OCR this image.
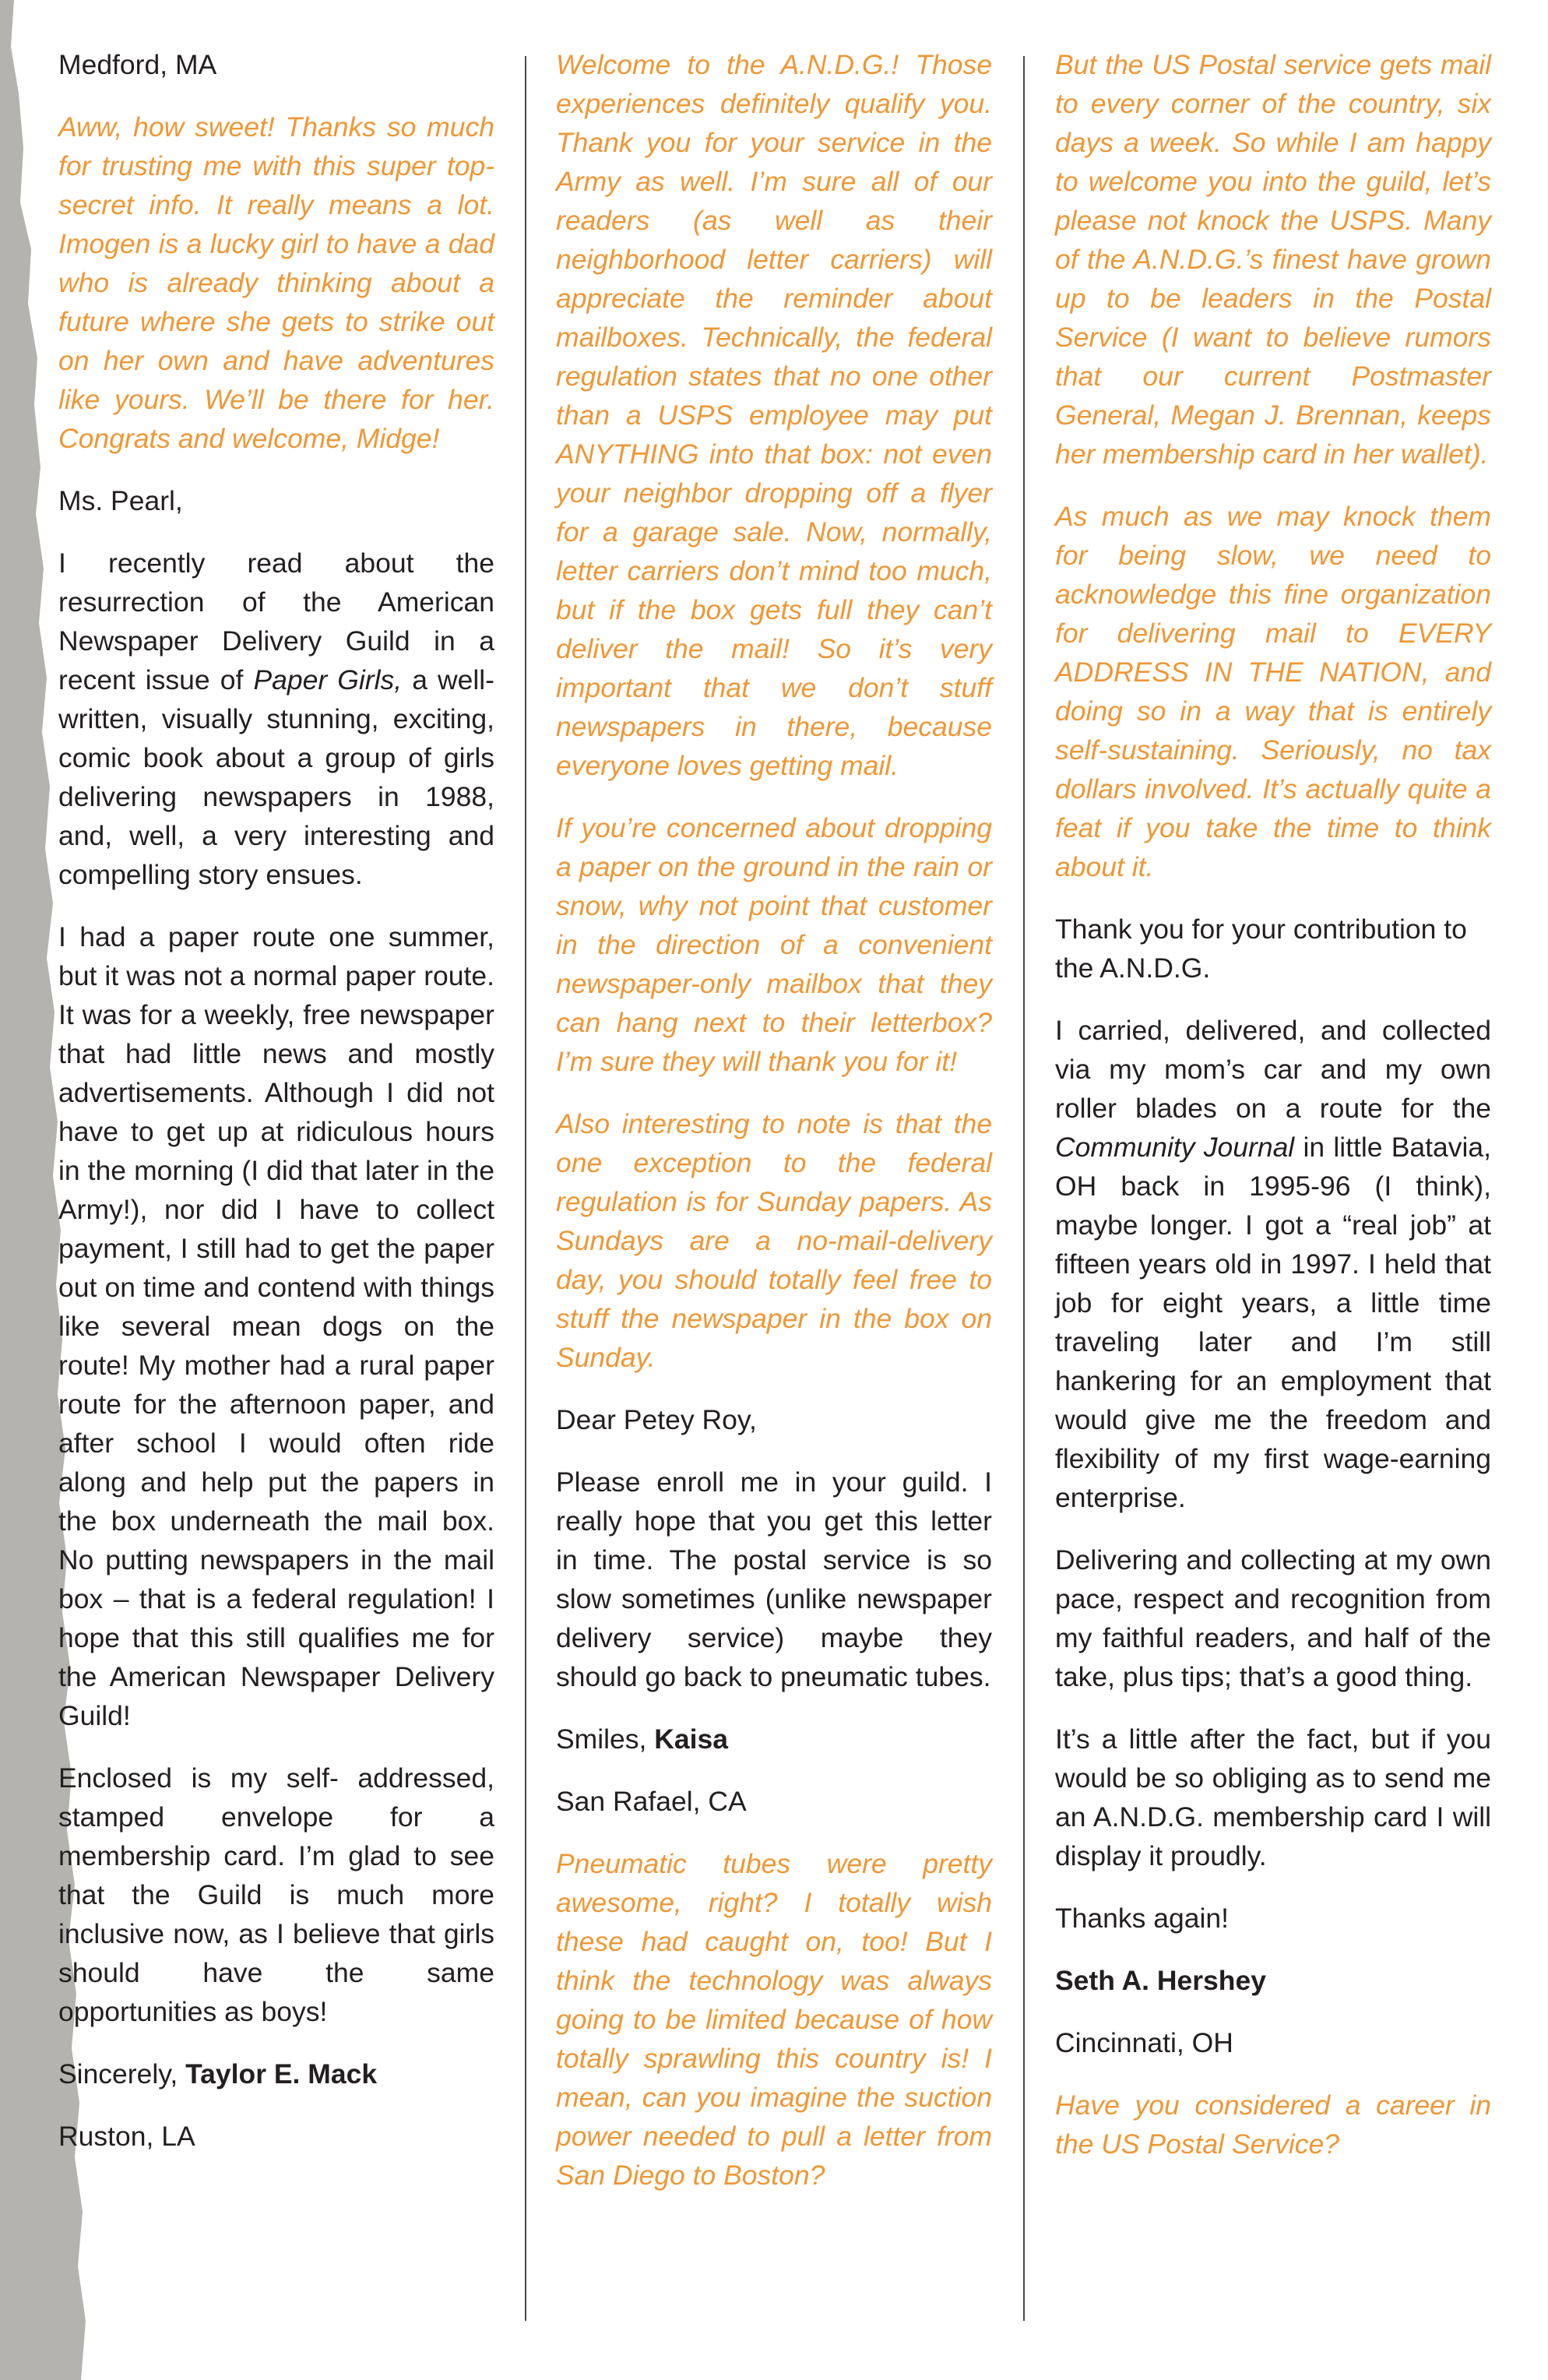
Medford, MA

Aww, how sweet! Thanks so much for trusting me with this super top-secret info. It really means a lot. Imogen is a lucky girl to have a dad who is already thinking about a future where she gets to strike out on her own and have adventures like yours. We’ll be there for her. Congrats and welcome, Midge!

Ms. Pearl,

I recently read about the resurrection of the American Newspaper Delivery Guild in a recent issue of Paper Girls, a well-written, visually stunning, exciting, comic book about a group of girls delivering newspapers in 1988, and, well, a very interesting and compelling story ensues.

I had a paper route one summer, but it was not a normal paper route. It was for a weekly, free newspaper that had little news and mostly advertisements. Although I did not have to get up at ridiculous hours in the morning (I did that later in the Army!), nor did I have to collect payment, I still had to get the paper out on time and contend with things like several mean dogs on the route! My mother had a rural paper route for the afternoon paper, and after school I would often ride along and help put the papers in the box underneath the mail box. No putting newspapers in the mail box – that is a federal regulation! I hope that this still qualifies me for the American Newspaper Delivery Guild!

Enclosed is my self- addressed, stamped envelope for a membership card. I’m glad to see that the Guild is much more inclusive now, as I believe that girls should have the same opportunities as boys!

Sincerely, Taylor E. Mack

Ruston, LA

Welcome to the A.N.D.G.! Those experiences definitely qualify you. Thank you for your service in the Army as well. I’m sure all of our readers (as well as their neighborhood letter carriers) will appreciate the reminder about mailboxes. Technically, the federal regulation states that no one other than a USPS employee may put ANYTHING into that box: not even your neighbor dropping off a flyer for a garage sale. Now, normally, letter carriers don’t mind too much, but if the box gets full they can’t deliver the mail! So it’s very important that we don’t stuff newspapers in there, because everyone loves getting mail.

If you’re concerned about dropping a paper on the ground in the rain or snow, why not point that customer in the direction of a convenient newspaper-only mailbox that they can hang next to their letterbox? I’m sure they will thank you for it!

Also interesting to note is that the one exception to the federal regulation is for Sunday papers. As Sundays are a no-mail-delivery day, you should totally feel free to stuff the newspaper in the box on Sunday.

Dear Petey Roy,

Please enroll me in your guild. I really hope that you get this letter in time. The postal service is so slow sometimes (unlike newspaper delivery service) maybe they should go back to pneumatic tubes.

Smiles, Kaisa

San Rafael, CA

Pneumatic tubes were pretty awesome, right? I totally wish these had caught on, too! But I think the technology was always going to be limited because of how totally sprawling this country is! I mean, can you imagine the suction power needed to pull a letter from San Diego to Boston?

But the US Postal service gets mail to every corner of the country, six days a week. So while I am happy to welcome you into the guild, let’s please not knock the USPS. Many of the A.N.D.G.’s finest have grown up to be leaders in the Postal Service (I want to believe rumors that our current Postmaster General, Megan J. Brennan, keeps her membership card in her wallet).

As much as we may knock them for being slow, we need to acknowledge this fine organization for delivering mail to EVERY ADDRESS IN THE NATION, and doing so in a way that is entirely self-sustaining. Seriously, no tax dollars involved. It’s actually quite a feat if you take the time to think about it.

Thank you for your contribution to the A.N.D.G.

I carried, delivered, and collected via my mom’s car and my own roller blades on a route for the Community Journal in little Batavia, OH back in 1995-96 (I think), maybe longer. I got a “real job” at fifteen years old in 1997. I held that job for eight years, a little time traveling later and I’m still hankering for an employment that would give me the freedom and flexibility of my first wage-earning enterprise.

Delivering and collecting at my own pace, respect and recognition from my faithful readers, and half of the take, plus tips; that’s a good thing.

It’s a little after the fact, but if you would be so obliging as to send me an A.N.D.G. membership card I will display it proudly.

Thanks again!

Seth A. Hershey

Cincinnati, OH

Have you considered a career in the US Postal Service?
